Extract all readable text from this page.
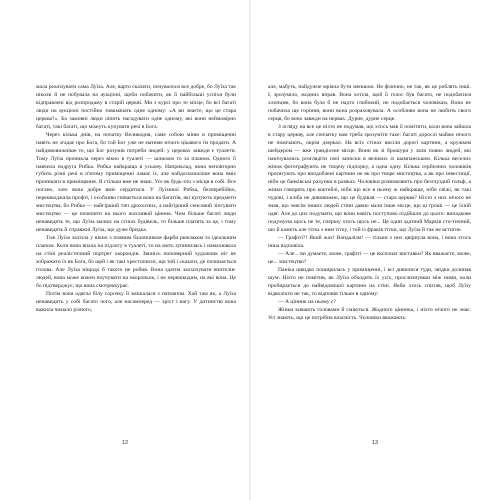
мала реалізувати сама Луїза. Але, варто сказати, почувалося все добре, бо Луїза так ніколи й не побувала на аукціоні, щоби побачити, як її найбільші успіхи були відправлені від розпродажу в старій церкві. Ми з курсі про те місце, бо всі багаті люди на аукціоні постійно товкмачать одне одному: «А ви знаєте, що це стара церква?». Бо замовні люди ліпить нагадувати одне одному, які вони неймовірно багаті, такі багаті, що можуть купувати речі в Бога.

Через кілька днів, на початку Великодня, саме собою міню в приміщенні навіть не згадає про Бога, бо той Бог уже не матиме нічого цікавого їм продати. А найдивовижніше те, що Бог розумів потреби людей: у церквах завжди є туалети. Тому Луїза проникла через вікно в туалеті — шлюзом то за планом. Одного її навчила подруга Рибка. Рибка найкраща в усьому. Наприклад, вона неповторно губить різні речі в п'ятому приміщенні ламає їх, але найдосконаліше вона вміє проникати в приміщення. Я стільки вже не знаю. Усе як будь-хто з місця в собі. Все погано, зате вона добре вміє сердитися. У Луїзиної Рибка, безперебійно, перешкоджала профіт, і особливо гнівається вона на багатіїв, які купують предмети мистецтва, бо Рибка — найгірший тип дрохосних, а найгірший сенсовий зіпсувати мистецтво — це почепити на нього жахливий цінник. Чим більше багаті люди ненавидять те, що Луїза малює на стінах будівель, то більше платять за це, і тому ненавидять й справжні Луїза, що дуже бридка.

Тож Луїза залізла у вікно з повним балончиком фарби рюкзаком та ідеальним планом. Коли вона впала на підлогу в туалеті, то на мить зупинилась і намалювала на стіні реалістичний портрет окорондів. Звинісь поповерний художник ніг не зображати їх як Бога, бо щей і як такі хрестописні, що той і сказати, де починається голова. Але Луїза ніщодо б такого не робив. Вона здатна заохочувати вчителів-людей, вона може кожен поучувати на окороньок, і не перешкодим, на які вона. Це бо підтверджує, що вона смотрюкурає.

Потім вона одягла білу сорочку й змішалася з натовпом. Хай там як, а Луїза ненавидить у собі багато чого, але насамперед — зріст і вагу. У дитинстві вона важила чимало різного,

12

але, мабуть, найдужче мріяла бути меншою. Не фізично, не так, як це роблять інші. І, зрозуміло, жодних вправ. Вона хотіла, щоб її голос був багато, не подобатися хлопцям, бо вона була б не надто глибокий, не подобається чоловікам. Вона не побачила ще горіння, вони вона розраховувала. А особливо вона не любить свого серця, бо воно завжди на нервах. Дурне, дурне серце.

З огляду на все це ніхто не подумав, що хтось мав її помітити, коли вона зайшла в стару церкву, але спочатку вам треба зрозуміти таке: багаті дорослі майже нічого не помічають, окрім дзеркал. На всіх стінах висіли дорогі картини, а кружком шейдером — вже грандіозне місце. Вони як зі брошури у зали повно людей, які нанічувались розглядіти свої записки в великих із шампанським. Кілька веселих жінок фотографують не творчу підпорку, а одна одну. Кілька серйозних чоловіків протягують про вподоблені картини не як про творе мистецтва, а як про інвестиції, ніби це банківські рахунки в рамках. Чоловіки розмовляють про безглуздий гольф, а жінки говорять про коктейлі, ніби що все в ньому ж найкраще, ніби свіжі, як такі чудові, і кліба не дивовижно, що це будівля — стара церква? Ніхто з них нічого не знав, що зовсім інших людей стіни давно мали інше місце, що ці гроші — це їхній одяг. Але до цих подумати, що вони навіть поступово підійшли до цього: випадкове подумуєш щось не те, спершу хтось щось не... Це один здатний Марків сто-тичний, шо й кажеть але тітка з ним тітку, і той із фраків тітки, що Луїза й так не встигне.

— Графіті?! Який жах! Вандалізм! — тільки з них цвірнула вона, і вона хтось інша відповіла.

— Але... ви думаєте, може, графіті — це експонат виставки? Як вважаєте, може, це... мистецтво?

Паніка швидко поширилась у приміщенні, і всі дивилися туди, звідки долинав шум. Ніхто не помітив, як Луїза обходить їх усіх, прослизнувши між ними, коли пробирається до найвідомішої картини на стіні. Якби хтось спитав, щоб Луїзу відволікти не так, то відповів тільки в одному:

— А цінник на ньому є?

Жінки кивають головами й сміються. Жодного цінника, і ніхто нічого не знає. Усі знають, що це потрібна власність. Чоловіки вважають

13
